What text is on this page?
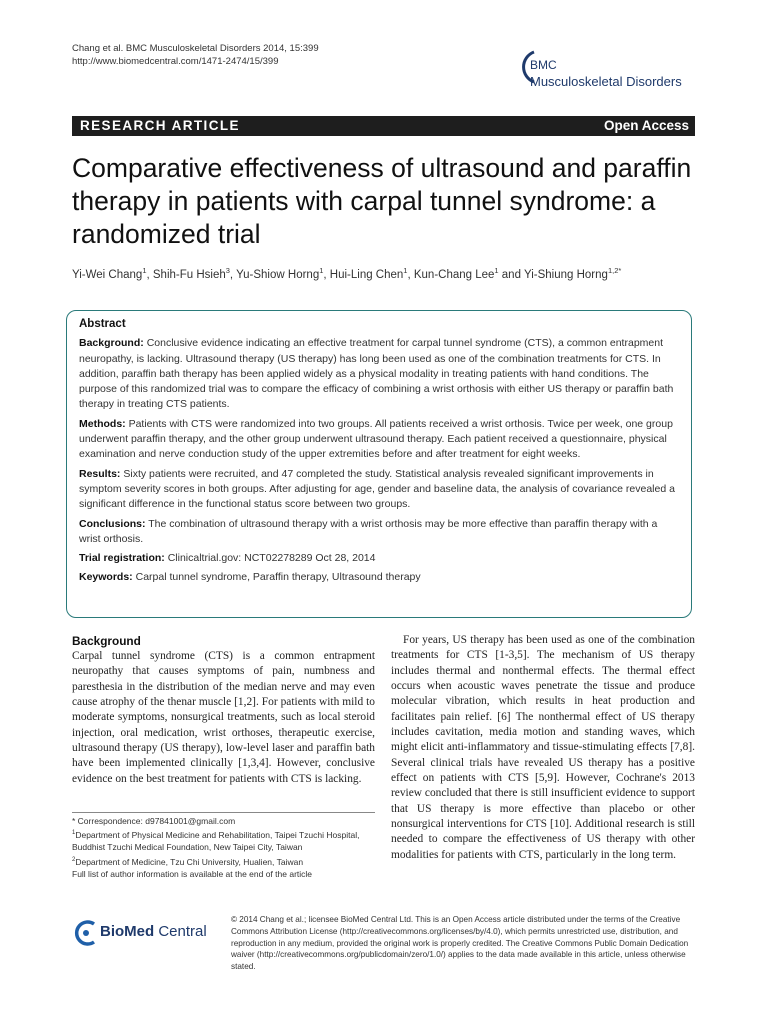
Chang et al. BMC Musculoskeletal Disorders 2014, 15:399
http://www.biomedcentral.com/1471-2474/15/399	BMC
Musculoskeletal Disorders
RESEARCH ARTICLE	Open Access
Comparative effectiveness of ultrasound and paraffin therapy in patients with carpal tunnel syndrome: a randomized trial
Yi-Wei Chang$^1$, Shih-Fu Hsieh$^3$, Yu-Shiow Horng$^1$, Hui-Ling Chen$^1$, Kun-Chang Lee$^1$ and Yi-Shiung Horng$^{1,2*}$
Abstract

Background: Conclusive evidence indicating an effective treatment for carpal tunnel syndrome (CTS), a common entrapment neuropathy, is lacking. Ultrasound therapy (US therapy) has long been used as one of the combination treatments for CTS. In addition, paraffin bath therapy has been applied widely as a physical modality in treating patients with hand conditions. The purpose of this randomized trial was to compare the efficacy of combining a wrist orthosis with either US therapy or paraffin bath therapy in treating CTS patients.

Methods: Patients with CTS were randomized into two groups. All patients received a wrist orthosis. Twice per week, one group underwent paraffin therapy, and the other group underwent ultrasound therapy. Each patient received a questionnaire, physical examination and nerve conduction study of the upper extremities before and after treatment for eight weeks.

Results: Sixty patients were recruited, and 47 completed the study. Statistical analysis revealed significant improvements in symptom severity scores in both groups. After adjusting for age, gender and baseline data, the analysis of covariance revealed a significant difference in the functional status score between two groups.

Conclusions: The combination of ultrasound therapy with a wrist orthosis may be more effective than paraffin therapy with a wrist orthosis.

Trial registration: Clinicaltrial.gov: NCT02278289 Oct 28, 2014

Keywords: Carpal tunnel syndrome, Paraffin therapy, Ultrasound therapy

Background
Carpal tunnel syndrome (CTS) is a common entrapment neuropathy that causes symptoms of pain, numbness and paresthesia in the distribution of the median nerve and may even cause atrophy of the thenar muscle [1,2]. For patients with mild to moderate symptoms, nonsurgical treatments, such as local steroid injection, oral medication, wrist orthoses, therapeutic exercise, ultrasound therapy (US therapy), low-level laser and paraffin bath have been implemented clinically [1,3,4]. However, conclusive evidence on the best treatment for patients with CTS is lacking.
* Correspondence: d97841001@gmail.com
$^1$Department of Physical Medicine and Rehabilitation, Taipei Tzuchi Hospital, Buddhist Tzuchi Medical Foundation, New Taipei City, Taiwan
$^2$Department of Medicine, Tzu Chi University, Hualien, Taiwan
Full list of author information is available at the end of the article

For years, US therapy has been used as one of the combination treatments for CTS [1-3,5]. The mechanism of US therapy includes thermal and nonthermal effects. The thermal effect occurs when acoustic waves penetrate the tissue and produce molecular vibration, which results in heat production and facilitates pain relief. [6] The nonthermal effect of US therapy includes cavitation, media motion and standing waves, which might elicit anti-inflammatory and tissue-stimulating effects [7,8]. Several clinical trials have revealed US therapy has a positive effect on patients with CTS [5,9]. However, Cochrane's 2013 review concluded that there is still insufficient evidence to support that US therapy is more effective than placebo or other nonsurgical interventions for CTS [10]. Additional research is still needed to compare the effectiveness of US therapy with other modalities for patients with CTS, particularly in the long term.

BioMed Central
© 2014 Chang et al.; licensee BioMed Central Ltd. This is an Open Access article distributed under the terms of the Creative Commons Attribution License (http://creativecommons.org/licenses/by/4.0), which permits unrestricted use, distribution, and reproduction in any medium, provided the original work is properly credited. The Creative Commons Public Domain Dedication waiver (http://creativecommons.org/publicdomain/zero/1.0/) applies to the data made available in this article, unless otherwise stated.
